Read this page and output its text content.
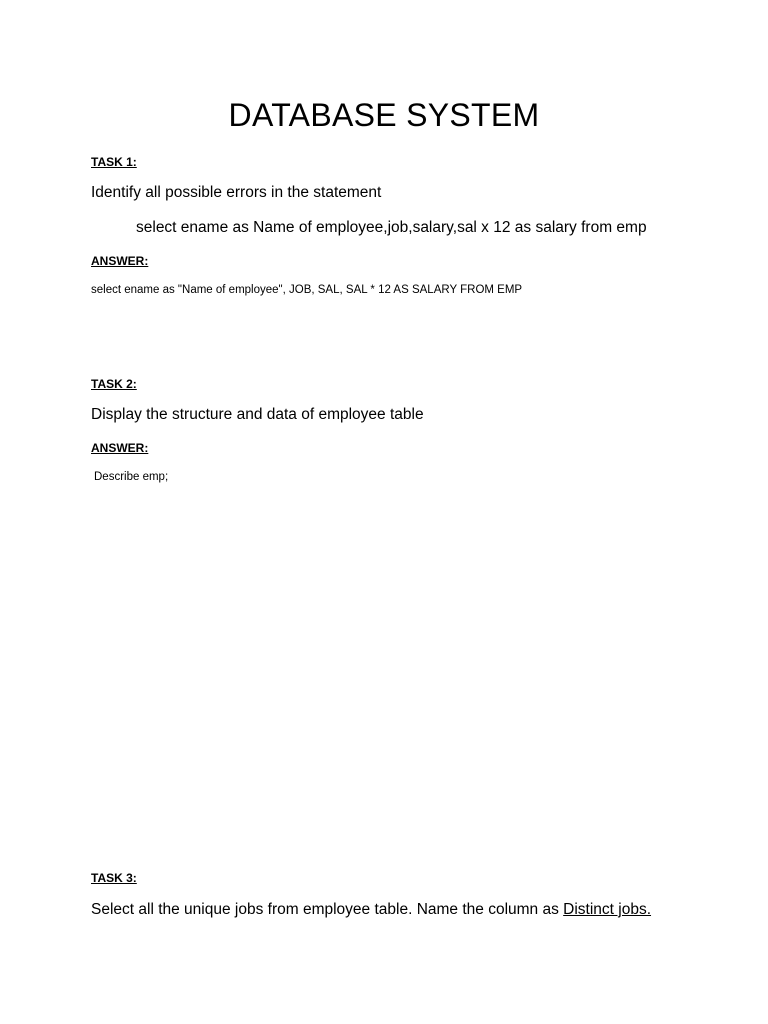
DATABASE SYSTEM
TASK 1:
Identify all possible errors in the statement
select ename as Name of employee,job,salary,sal x 12 as salary from emp
ANSWER:
select ename as "Name of employee", JOB, SAL, SAL * 12 AS SALARY FROM EMP
TASK 2:
Display the structure and data of employee table
ANSWER:
Describe emp;
TASK 3:
Select all the unique jobs from employee table. Name the column as Distinct jobs.
